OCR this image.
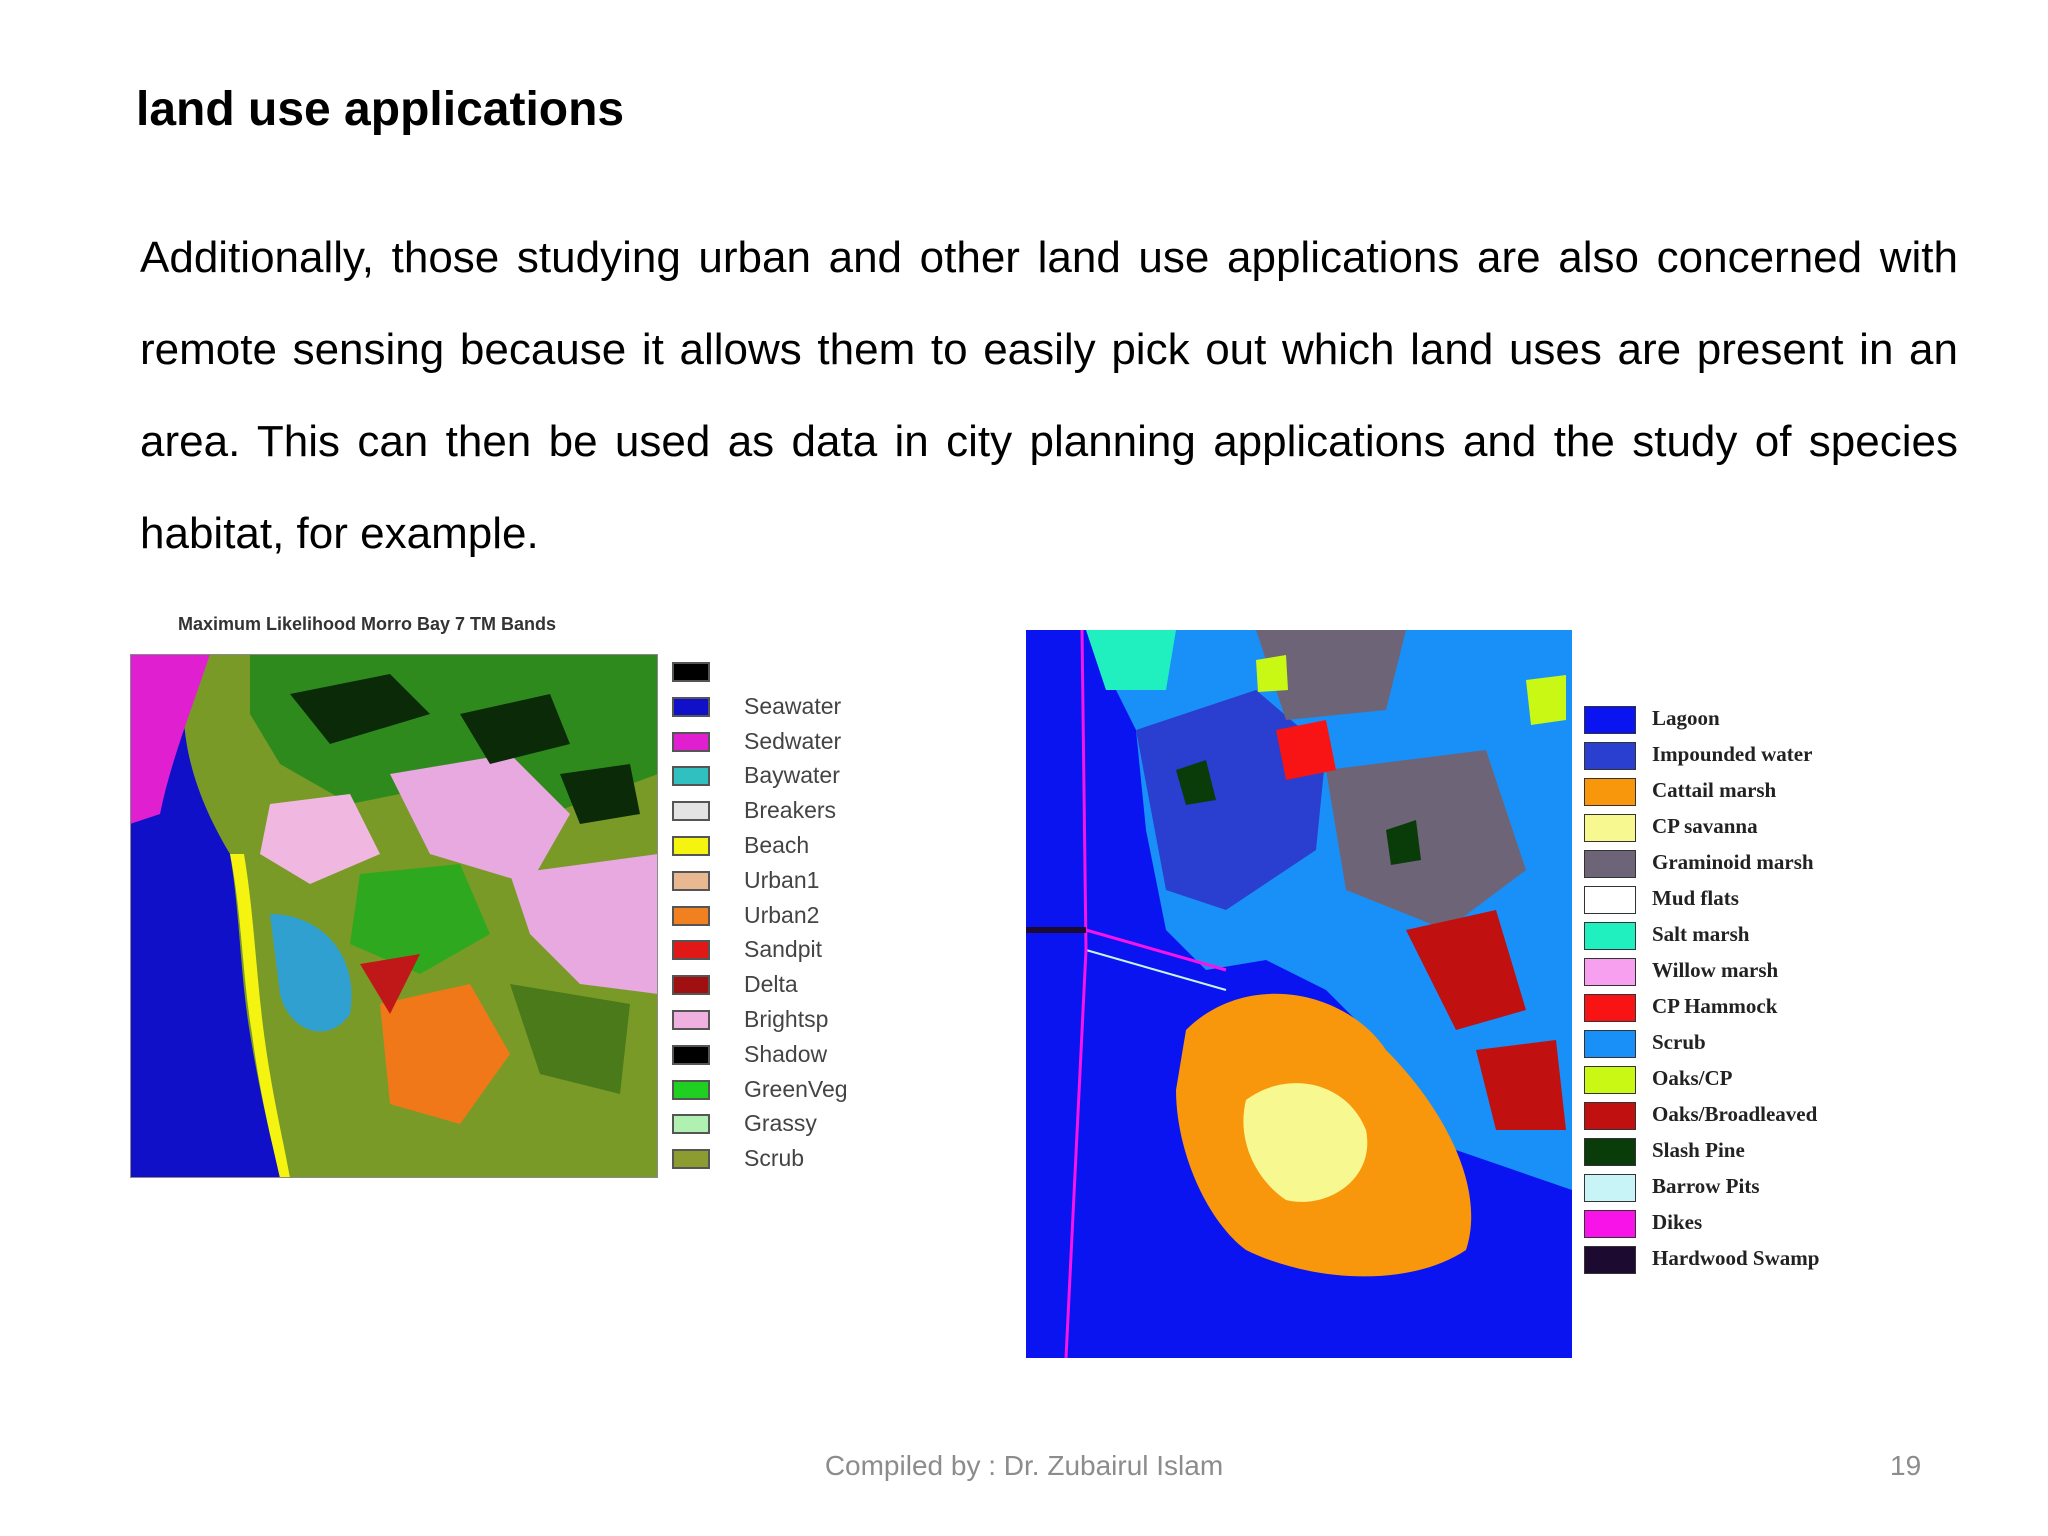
land use applications
Additionally, those studying urban and other land use applications are also concerned with remote sensing because it allows them to easily pick out which land uses are present in an area. This can then be used as data in city planning applications and the study of species habitat, for example.
Maximum Likelihood Morro Bay 7 TM Bands
Seawater
Sedwater
Baywater
Breakers
Beach
Urban1
Urban2
Sandpit
Delta
Brightsp
Shadow
GreenVeg
Grassy
Scrub
Lagoon
Impounded water
Cattail marsh
CP savanna
Graminoid marsh
Mud flats
Salt marsh
Willow marsh
CP Hammock
Scrub
Oaks/CP
Oaks/Broadleaved
Slash Pine
Barrow Pits
Dikes
Hardwood Swamp
Compiled by : Dr. Zubairul Islam	19
